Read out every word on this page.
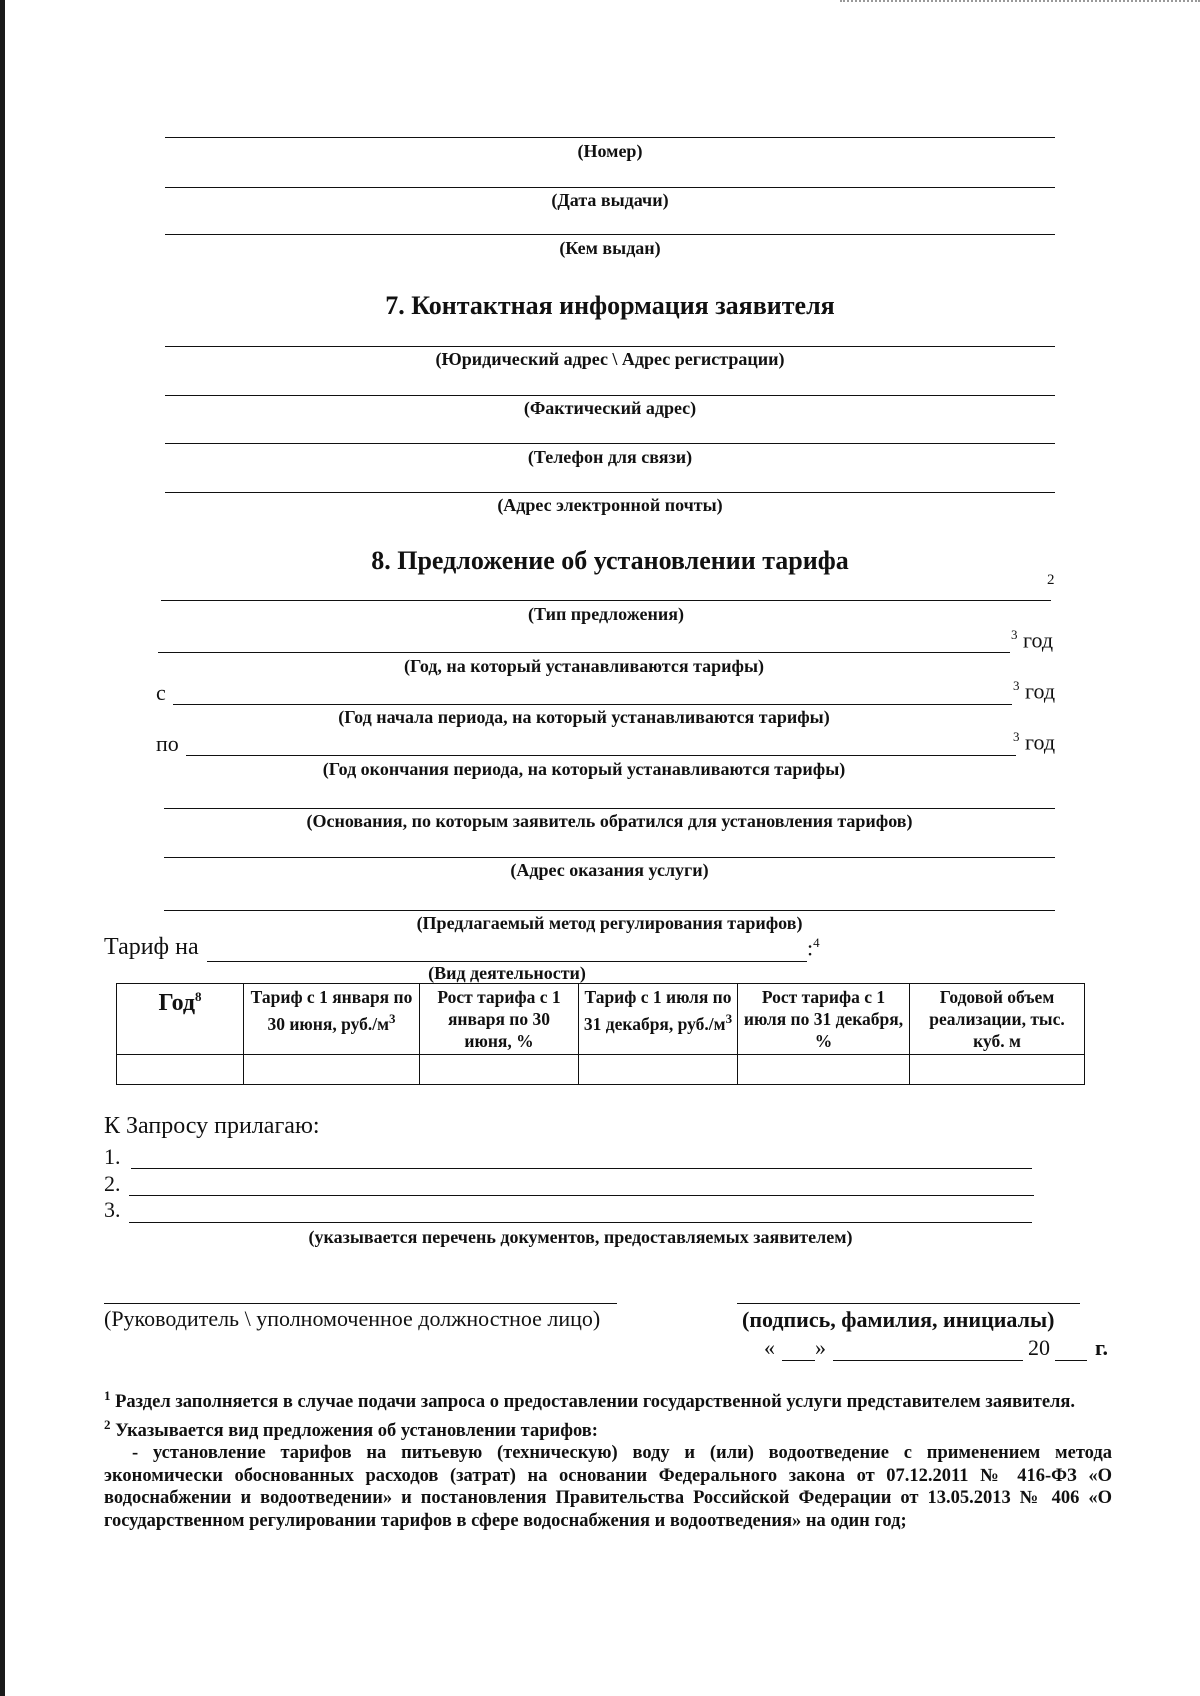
(Номер)
(Дата выдачи)
(Кем выдан)
7. Контактная информация заявителя
(Юридический адрес \ Адрес регистрации)
(Фактический адрес)
(Телефон для связи)
(Адрес электронной почты)
8. Предложение об установлении тарифа
2
(Тип предложения)
$^3$ год
(Год, на который устанавливаются тарифы)
с	$^3$ год
(Год начала периода, на который устанавливаются тарифы)
по	$^3$ год
(Год окончания периода, на который устанавливаются тарифы)
(Основания, по которым заявитель обратился для установления тарифов)
(Адрес оказания услуги)
(Предлагаемый метод регулирования тарифов)
Тариф на	:$^4$
(Вид деятельности)
Год$^8$	Тариф с 1 января по 30 июня, $руб./м^3$	Рост тарифа с 1 января по 30 июня, %	Тариф с 1 июля по 31 декабря, $руб./м^3$	Рост тарифа с 1 июля по 31 декабря, %	Годовой объем реализации, тыс. куб. м

К Запросу прилагаю:
1.
2.
3.
(указывается перечень документов, предоставляемых заявителем)
(Руководитель \ уполномоченное должностное лицо)	(подпись, фамилия, инициалы)
« »	20 г.

$^1$ Раздел заполняется в случае подачи запроса о предоставлении государственной услуги представителем заявителя.

$^2$ Указывается вид предложения об установлении тарифов:

- установление тарифов на питьевую (техническую) воду и (или) водоотведение с применением метода экономически обоснованных расходов (затрат) на основании Федерального закона от 07.12.2011 № 416-ФЗ «О водоснабжении и водоотведении» и постановления Правительства Российской Федерации от 13.05.2013 № 406 «О государственном регулировании тарифов в сфере водоснабжения и водоотведения» на один год;
